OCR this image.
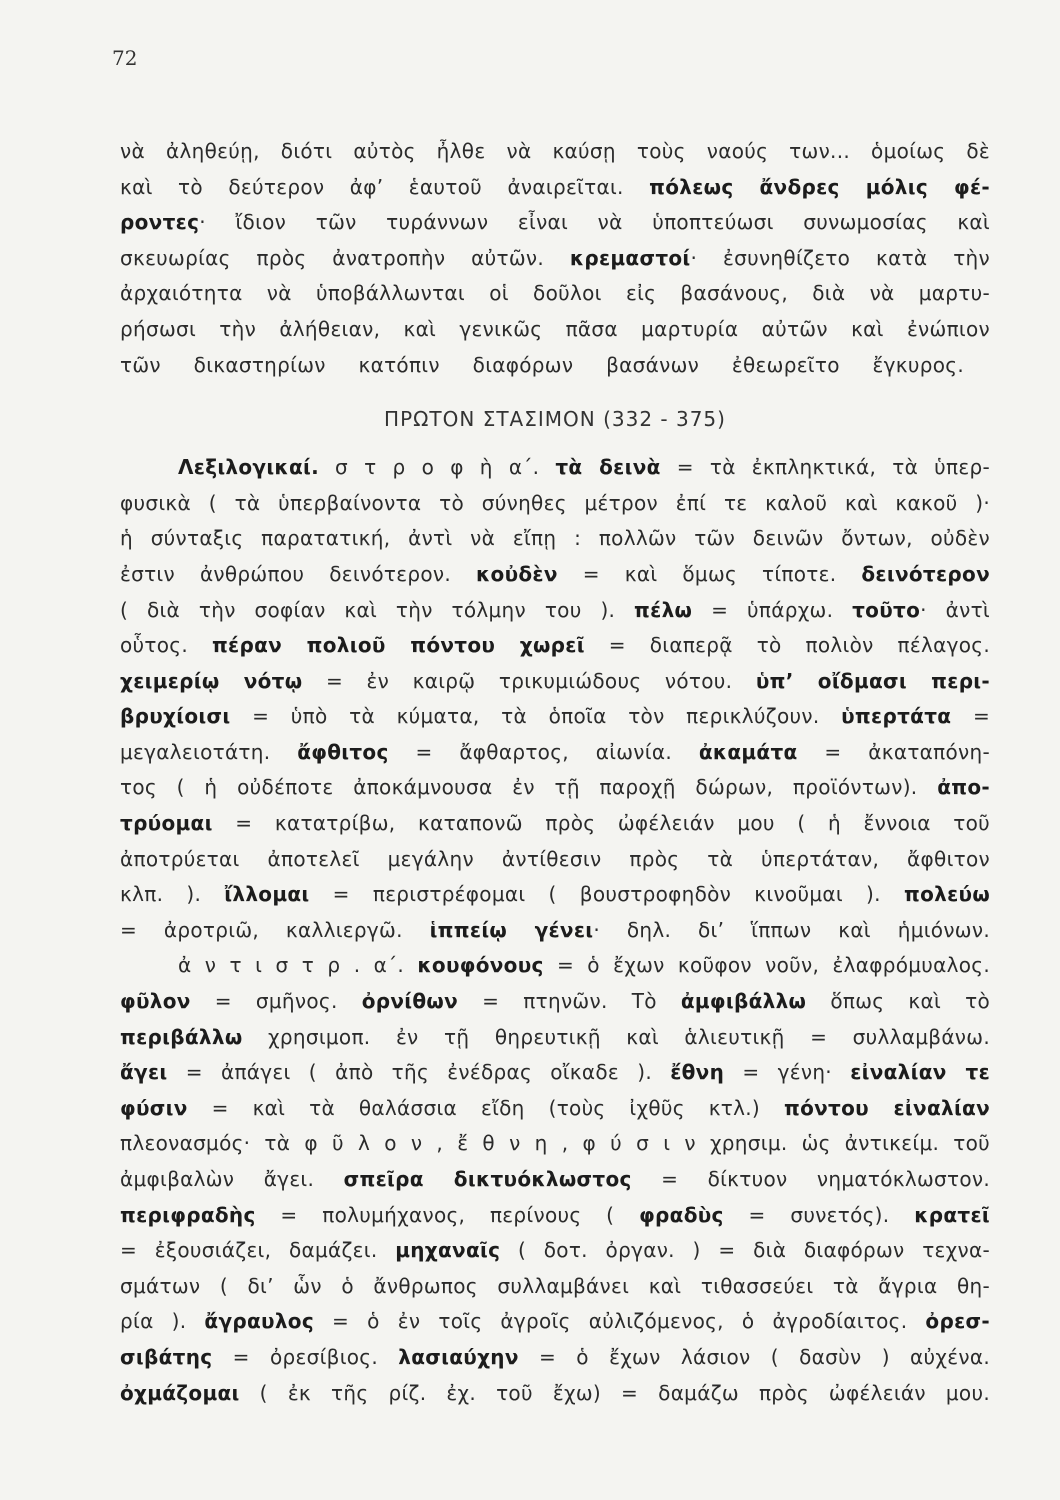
72
νὰ ἀληθεύῃ, διότι αὐτὸς ἦλθε νὰ καύσῃ τοὺς ναούς των... ὁμοίως δὲ
καὶ τὸ δεύτερον ἀφ’ ἑαυτοῦ ἀναιρεῖται. πόλεως ἄνδρες μόλις φέ-
ροντες· ἴδιον τῶν τυράννων εἶναι νὰ ὑποπτεύωσι συνωμοσίας καὶ
σκευωρίας πρὸς ἀνατροπὴν αὐτῶν. κρεμαστοί· ἐσυνηθίζετο κατὰ τὴν
ἀρχαιότητα νὰ ὑποβάλλωνται οἱ δοῦλοι εἰς βασάνους, διὰ νὰ μαρτυ-
ρήσωσι τὴν ἀλήθειαν, καὶ γενικῶς πᾶσα μαρτυρία αὐτῶν καὶ ἐνώπιον
τῶν δικαστηρίων κατόπιν διαφόρων βασάνων ἐθεωρεῖτο ἔγκυρος.
ΠΡΩΤΟΝ ΣΤΑΣΙΜΟΝ (332 - 375)
Λεξιλογικαί. σ τ ρ ο φ ὴ α΄. τὰ δεινὰ = τὰ ἐκπληκτικά, τὰ ὑπερ-
φυσικὰ ( τὰ ὑπερβαίνοντα τὸ σύνηθες μέτρον ἐπί τε καλοῦ καὶ κακοῦ )·
ἡ σύνταξις παρατατική, ἀντὶ νὰ εἴπῃ : πολλῶν τῶν δεινῶν ὄντων, οὐδὲν
ἐστιν ἀνθρώπου δεινότερον. κοὐδὲν = καὶ ὅμως τίποτε. δεινότερον
( διὰ τὴν σοφίαν καὶ τὴν τόλμην του ). πέλω = ὑπάρχω. τοῦτο· ἀντὶ
οὗτος. πέραν πολιοῦ πόντου χωρεῖ = διαπερᾷ τὸ πολιὸν πέλαγος.
χειμερίῳ νότῳ = ἐν καιρῷ τρικυμιώδους νότου. ὑπ’ οἴδμασι περι-
βρυχίοισι = ὑπὸ τὰ κύματα, τὰ ὁποῖα τὸν περικλύζουν. ὑπερτάτα =
μεγαλειοτάτη. ἄφθιτος = ἄφθαρτος, αἰωνία. ἀκαμάτα = ἀκαταπόνη-
τος ( ἡ οὐδέποτε ἀποκάμνουσα ἐν τῇ παροχῇ δώρων, προϊόντων). ἀπο-
τρύομαι = κατατρίβω, καταπονῶ πρὸς ὠφέλειάν μου ( ἡ ἔννοια τοῦ
ἀποτρύεται ἀποτελεῖ μεγάλην ἀντίθεσιν πρὸς τὰ ὑπερτάταν, ἄφθιτον
κλπ. ). ἴλλομαι = περιστρέφομαι ( βουστροφηδὸν κινοῦμαι ). πολεύω
= ἀροτριῶ, καλλιεργῶ. ἱππείῳ γένει· δηλ. δι’ ἵππων καὶ ἡμιόνων.
ἀ ν τ ι σ τ ρ . α΄. κουφόνους = ὁ ἔχων κοῦφον νοῦν, ἐλαφρόμυαλος.
φῦλον = σμῆνος. ὀρνίθων = πτηνῶν. Τὸ ἀμφιβάλλω ὅπως καὶ τὸ
περιβάλλω χρησιμοπ. ἐν τῇ θηρευτικῇ καὶ ἁλιευτικῇ = συλλαμβάνω.
ἄγει = ἀπάγει ( ἀπὸ τῆς ἐνέδρας οἴκαδε ). ἔθνη = γένη· εἰναλίαν τε
φύσιν = καὶ τὰ θαλάσσια εἴδη (τοὺς ἰχθῦς κτλ.) πόντου εἰναλίαν
πλεονασμός· τὰ φ ῦ λ ο ν , ἔ θ ν η , φ ύ σ ι ν χρησιμ. ὡς ἀντικείμ. τοῦ
ἀμφιβαλὼν ἄγει. σπεῖρα δικτυόκλωστος = δίκτυον νηματόκλωστον.
περιφραδὴς = πολυμήχανος, περίνους ( φραδὺς = συνετός). κρατεῖ
= ἐξουσιάζει, δαμάζει. μηχαναῖς ( δοτ. ὀργαν. ) = διὰ διαφόρων τεχνα-
σμάτων ( δι’ ὧν ὁ ἄνθρωπος συλλαμβάνει καὶ τιθασσεύει τὰ ἄγρια θη-
ρία ). ἄγραυλος = ὁ ἐν τοῖς ἀγροῖς αὐλιζόμενος, ὁ ἀγροδίαιτος. ὀρεσ-
σιβάτης = ὀρεσίβιος. λασιαύχην = ὁ ἔχων λάσιον ( δασὺν ) αὐχένα.
ὀχμάζομαι ( ἐκ τῆς ρίζ. ἐχ. τοῦ ἔχω) = δαμάζω πρὸς ὠφέλειάν μου.
